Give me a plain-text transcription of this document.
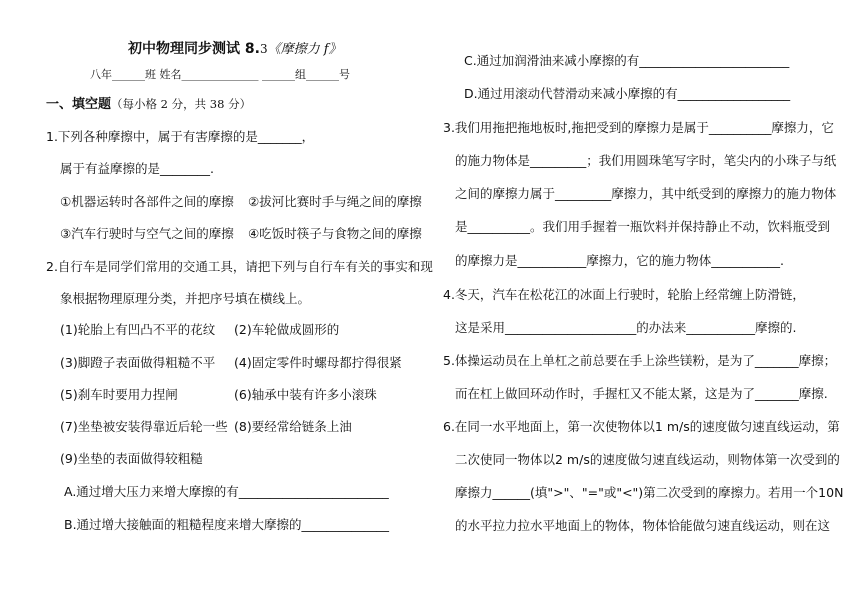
初中物理同步测试 8.3《摩擦力 f》
八年______班 姓名______________ ______组______号
一、填空题（每小格 2 分，共 38 分）
1.下列各种摩擦中，属于有害摩擦的是_______，
属于有益摩擦的是________.
①机器运转时各部件之间的摩擦 ②拔河比赛时手与绳之间的摩擦
③汽车行驶时与空气之间的摩擦 ④吃饭时筷子与食物之间的摩擦
2.自行车是同学们常用的交通工具，请把下列与自行车有关的事实和现
象根据物理原理分类，并把序号填在横线上。
(1)轮胎上有凹凸不平的花纹 (2)车轮做成圆形的
(3)脚蹬子表面做得粗糙不平 (4)固定零件时螺母都拧得很紧
(5)刹车时要用力捏闸	(6)轴承中装有许多小滚珠
(7)坐垫被安装得靠近后轮一些 (8)要经常给链条上油
(9)坐垫的表面做得较粗糙
A.通过增大压力来增大摩擦的有________________________
B.通过增大接触面的粗糙程度来增大摩擦的______________
C.通过加润滑油来减小摩擦的有________________________
D.通过用滚动代替滑动来减小摩擦的有__________________
3.我们用拖把拖地板时,拖把受到的摩擦力是属于__________摩擦力，它
的施力物体是_________；我们用圆珠笔写字时，笔尖内的小珠子与纸
之间的摩擦力属于_________摩擦力，其中纸受到的摩擦力的施力物体
是__________。我们用手握着一瓶饮料并保持静止不动，饮料瓶受到
的摩擦力是___________摩擦力，它的施力物体___________.
4.冬天，汽车在松花江的冰面上行驶时，轮胎上经常缠上防滑链，
这是采用_____________________的办法来___________摩擦的.
5.体操运动员在上单杠之前总要在手上涂些镁粉，是为了_______摩擦；
而在杠上做回环动作时，手握杠又不能太紧，这是为了_______摩擦.
6.在同一水平地面上，第一次使物体以1 m/s的速度做匀速直线运动，第
二次使同一物体以2 m/s的速度做匀速直线运动，则物体第一次受到的
摩擦力______(填">"、"="或"<")第二次受到的摩擦力。若用一个10N
的水平拉力拉水平地面上的物体，物体恰能做匀速直线运动，则在这
